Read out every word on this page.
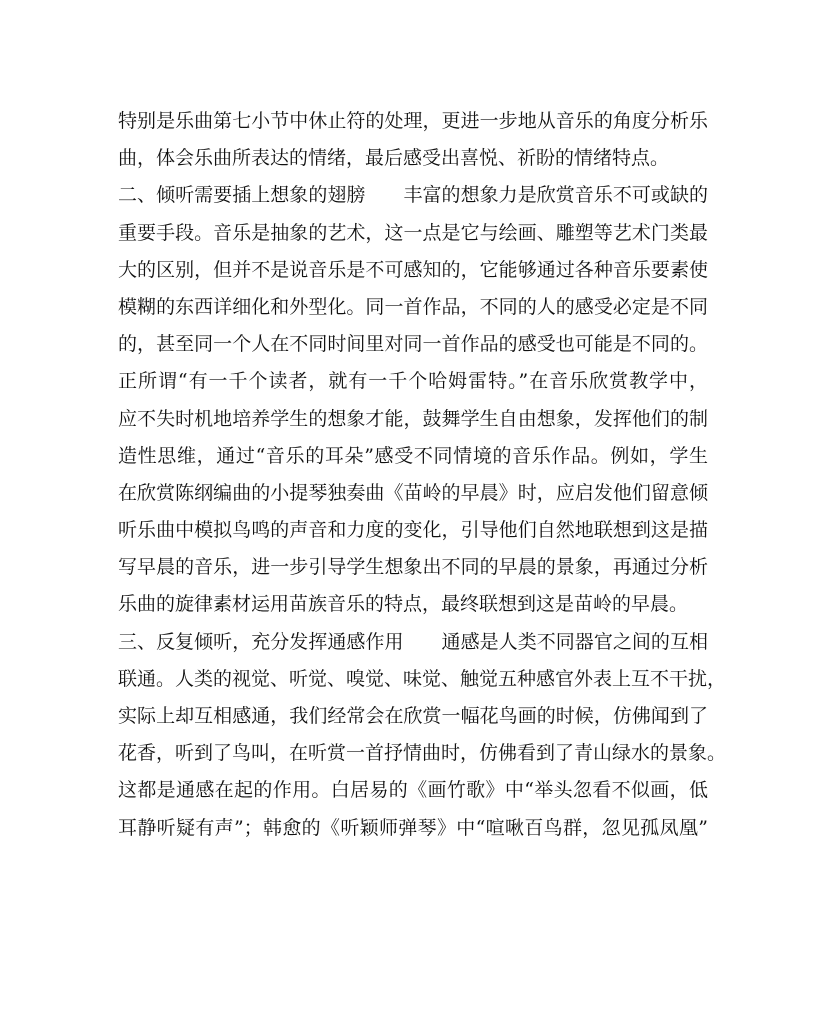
特别是乐曲第七小节中休止符的处理，更进一步地从音乐的角度分析乐
曲，体会乐曲所表达的情绪，最后感受出喜悦、祈盼的情绪特点。
二、倾听需要插上想象的翅膀　　丰富的想象力是欣赏音乐不可或缺的
重要手段。音乐是抽象的艺术，这一点是它与绘画、雕塑等艺术门类最
大的区别，但并不是说音乐是不可感知的，它能够通过各种音乐要素使
模糊的东西详细化和外型化。同一首作品，不同的人的感受必定是不同
的，甚至同一个人在不同时间里对同一首作品的感受也可能是不同的。
正所谓“有一千个读者，就有一千个哈姆雷特。”在音乐欣赏教学中，
应不失时机地培养学生的想象才能，鼓舞学生自由想象，发挥他们的制
造性思维，通过“音乐的耳朵”感受不同情境的音乐作品。例如，学生
在欣赏陈纲编曲的小提琴独奏曲《苗岭的早晨》时，应启发他们留意倾
听乐曲中模拟鸟鸣的声音和力度的变化，引导他们自然地联想到这是描
写早晨的音乐，进一步引导学生想象出不同的早晨的景象，再通过分析
乐曲的旋律素材运用苗族音乐的特点，最终联想到这是苗岭的早晨。
三、反复倾听，充分发挥通感作用　　通感是人类不同器官之间的互相
联通。人类的视觉、听觉、嗅觉、味觉、触觉五种感官外表上互不干扰，
实际上却互相感通，我们经常会在欣赏一幅花鸟画的时候，仿佛闻到了
花香，听到了鸟叫，在听赏一首抒情曲时，仿佛看到了青山绿水的景象。
这都是通感在起的作用。白居易的《画竹歌》中“举头忽看不似画，低
耳静听疑有声”；韩愈的《听颖师弹琴》中“喧啾百鸟群，忽见孤凤凰”
